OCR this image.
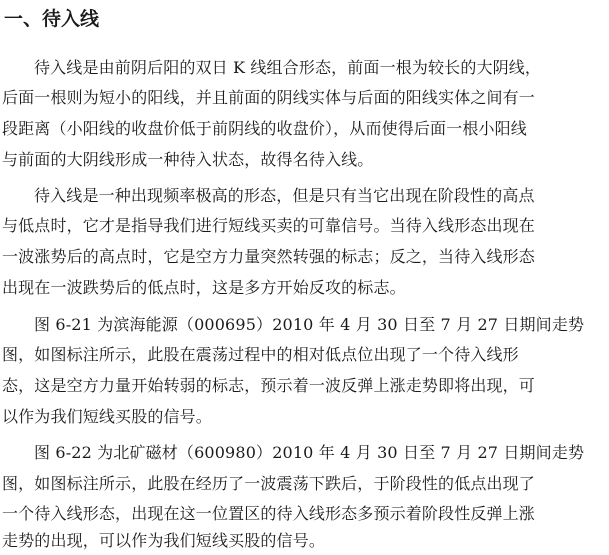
一、待入线
待入线是由前阴后阳的双日 K 线组合形态，前面一根为较长的大阴线，
后面一根则为短小的阳线，并且前面的阴线实体与后面的阳线实体之间有一
段距离（小阳线的收盘价低于前阴线的收盘价），从而使得后面一根小阳线
与前面的大阴线形成一种待入状态，故得名待入线。
待入线是一种出现频率极高的形态，但是只有当它出现在阶段性的高点
与低点时，它才是指导我们进行短线买卖的可靠信号。当待入线形态出现在
一波涨势后的高点时，它是空方力量突然转强的标志；反之，当待入线形态
出现在一波跌势后的低点时，这是多方开始反攻的标志。
图 6-21 为滨海能源（000695）2010 年 4 月 30 日至 7 月 27 日期间走势
图，如图标注所示，此股在震荡过程中的相对低点位出现了一个待入线形
态，这是空方力量开始转弱的标志，预示着一波反弹上涨走势即将出现，可
以作为我们短线买股的信号。
图 6-22 为北矿磁材（600980）2010 年 4 月 30 日至 7 月 27 日期间走势
图，如图标注所示，此股在经历了一波震荡下跌后，于阶段性的低点出现了
一个待入线形态，出现在这一位置区的待入线形态多预示着阶段性反弹上涨
走势的出现，可以作为我们短线买股的信号。
